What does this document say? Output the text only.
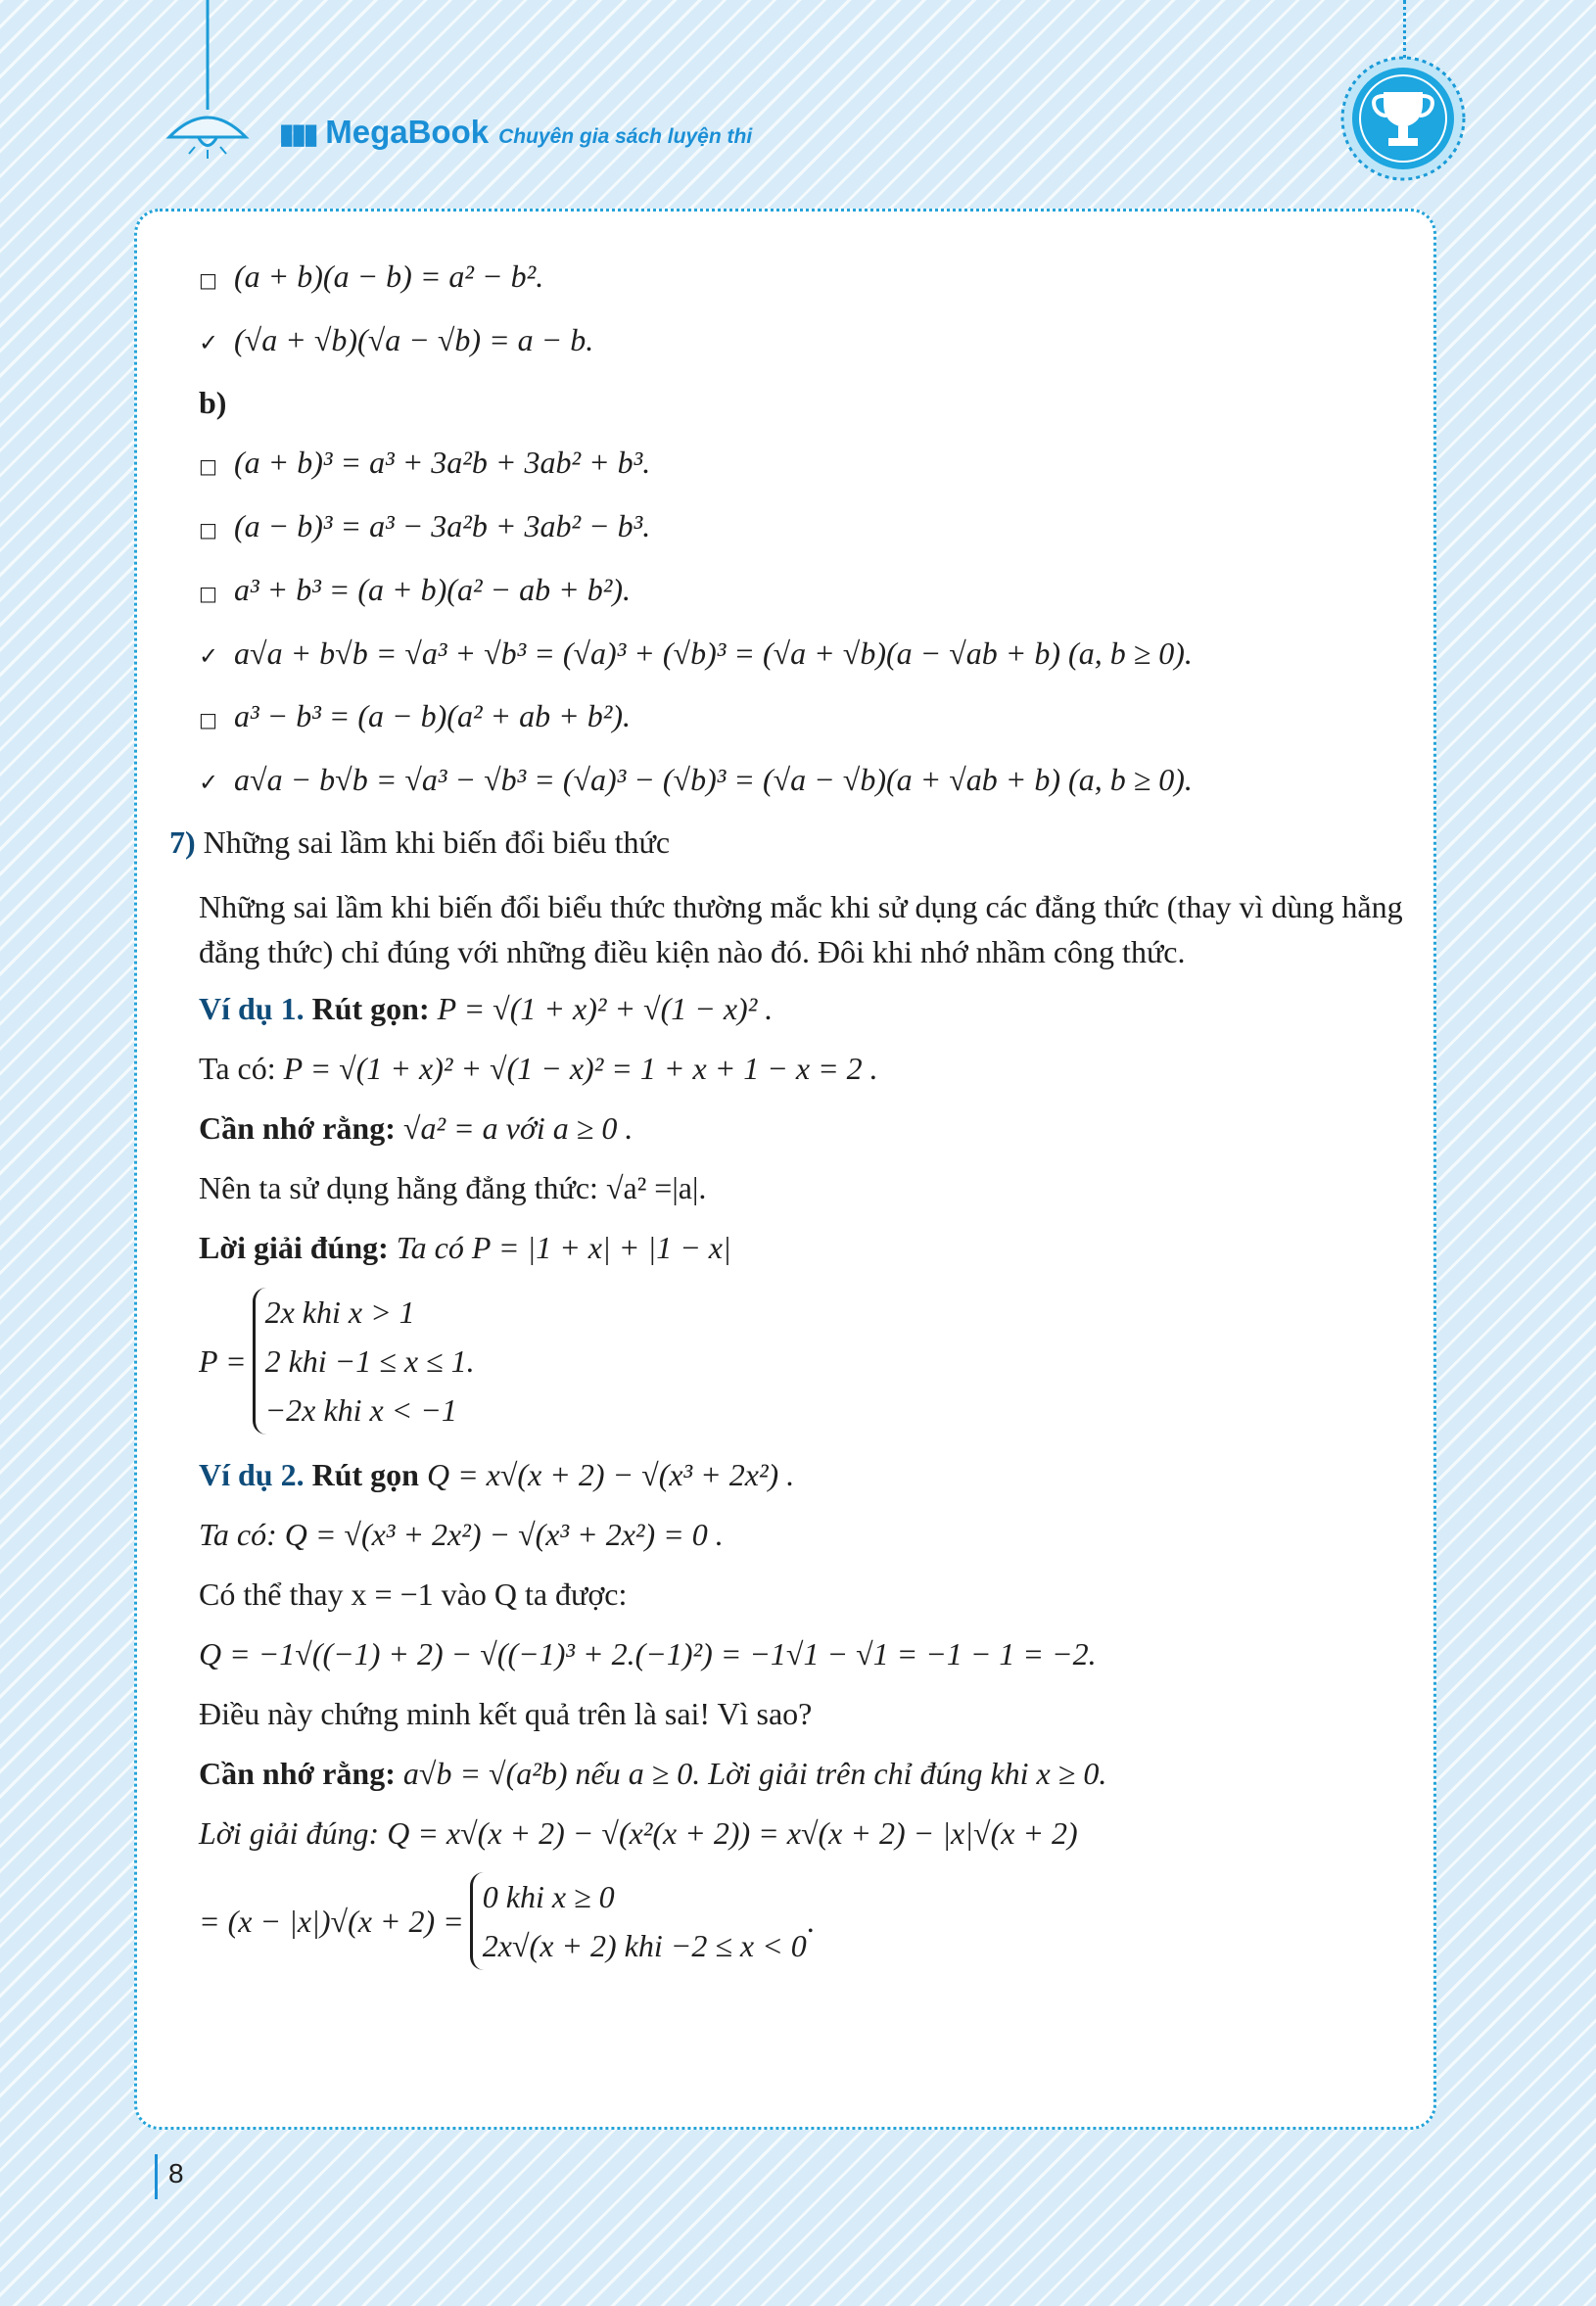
▮▮▮ MegaBook Chuyên gia sách luyện thi
□ (a + b)(a − b) = a² − b².
✓ (√a + √b)(√a − √b) = a − b.
b)
□ (a + b)³ = a³ + 3a²b + 3ab² + b³.
□ (a − b)³ = a³ − 3a²b + 3ab² − b³.
□ a³ + b³ = (a + b)(a² − ab + b²).
✓ a√a + b√b = √a³ + √b³ = (√a)³ + (√b)³ = (√a + √b)(a − √ab + b) (a, b ≥ 0).
□ a³ − b³ = (a − b)(a² + ab + b²).
✓ a√a − b√b = √a³ − √b³ = (√a)³ − (√b)³ = (√a − √b)(a + √ab + b) (a, b ≥ 0).
7) Những sai lầm khi biến đổi biểu thức
Những sai lầm khi biến đổi biểu thức thường mắc khi sử dụng các đẳng thức (thay vì dùng hằng đẳng thức) chỉ đúng với những điều kiện nào đó. Đôi khi nhớ nhầm công thức.
Ví dụ 1. Rút gọn: P = √(1 + x)² + √(1 − x)² .
Ta có: P = √(1 + x)² + √(1 − x)² = 1 + x + 1 − x = 2 .
Cần nhớ rằng: √a² = a với a ≥ 0 .
Nên ta sử dụng hằng đẳng thức: √a² =|a|.
Lời giải đúng: Ta có P = |1 + x| + |1 − x|
P =
2x khi x > 1
2 khi −1 ≤ x ≤ 1.
−2x khi x < −1
Ví dụ 2. Rút gọn Q = x√(x + 2) − √(x³ + 2x²) .
Ta có: Q = √(x³ + 2x²) − √(x³ + 2x²) = 0 .
Có thể thay x = −1 vào Q ta được:
Q = −1√((−1) + 2) − √((−1)³ + 2.(−1)²) = −1√1 − √1 = −1 − 1 = −2.
Điều này chứng minh kết quả trên là sai! Vì sao?
Cần nhớ rằng: a√b = √(a²b) nếu a ≥ 0. Lời giải trên chỉ đúng khi x ≥ 0.
Lời giải đúng: Q = x√(x + 2) − √(x²(x + 2)) = x√(x + 2) − |x|√(x + 2)
= (x − |x|)√(x + 2) =
0 khi x ≥ 0
2x√(x + 2) khi −2 ≤ x < 0
.
8
